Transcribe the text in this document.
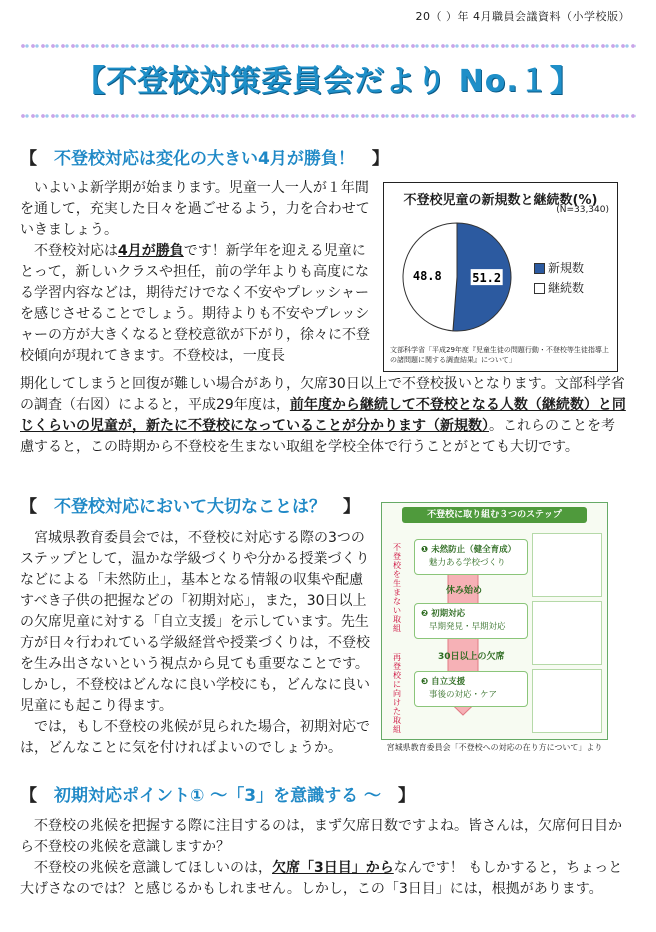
20（ ）年 4月職員会議資料（小学校版）
【不登校対策委員会だより No.１】
【　不登校対応は変化の大きい4月が勝負！　】

いよいよ新学期が始まります。児童一人一人が１年間を通して，充実した日々を過ごせるよう，力を合わせていきましょう。

不登校対応は4月が勝負です！新学年を迎える児童にとって，新しいクラスや担任，前の学年よりも高度になる学習内容などは，期待だけでなく不安やプレッシャーを感じさせることでしょう。期待よりも不安やプレッシャーの方が大きくなると登校意欲が下がり，徐々に不登校傾向が現れてきます。不登校は，一度長

期化してしまうと回復が難しい場合があり，欠席30日以上で不登校扱いとなります。文部科学省の調査（右図）によると，平成29年度は，前年度から継続して不登校となる人数（継続数）と同じくらいの児童が，新たに不登校になっていることが分かります（新規数）。これらのことを考慮すると，この時期から不登校を生まない取組を学校全体で行うことがとても大切です。

不登校児童の新規数と継続数(%)
(N=33,340)
51.2
48.8
新規数
継続数
文部科学省「平成29年度『児童生徒の問題行動・不登校等生徒指導上の諸問題に関する調査結果』について」
【　不登校対応において大切なことは？　】

宮城県教育委員会では，不登校に対応する際の3つのステップとして，温かな学級づくりや分かる授業づくりなどによる「未然防止」，基本となる情報の収集や配慮すべき子供の把握などの「初期対応」，また，30日以上の欠席児童に対する「自立支援」を示しています。先生方が日々行われている学級経営や授業づくりは，不登校を生み出さないという視点から見ても重要なことです。しかし，不登校はどんなに良い学校にも，どんなに良い児童にも起こり得ます。

では，もし不登校の兆候が見られた場合，初期対応では，どんなことに気を付ければよいのでしょうか。

不登校に取り組む３つのステップ
不登校を生まない取組
再登校に向けた取組
❶ 未然防止（健全育成）
魅力ある学校づくり
休み始め
❷ 初期対応
早期発見・早期対応
30日以上の欠席
❸ 自立支援
事後の対応・ケア
宮城県教育委員会「不登校への対応の在り方について」より
【　初期対応ポイント① ～「3」を意識する ～　】

不登校の兆候を把握する際に注目するのは，まず欠席日数ですよね。皆さんは，欠席何日目から不登校の兆候を意識しますか？

不登校の兆候を意識してほしいのは，欠席「3日目」からなんです！ もしかすると，ちょっと大げさなのでは？と感じるかもしれません。しかし，この「3日目」には，根拠があります。
